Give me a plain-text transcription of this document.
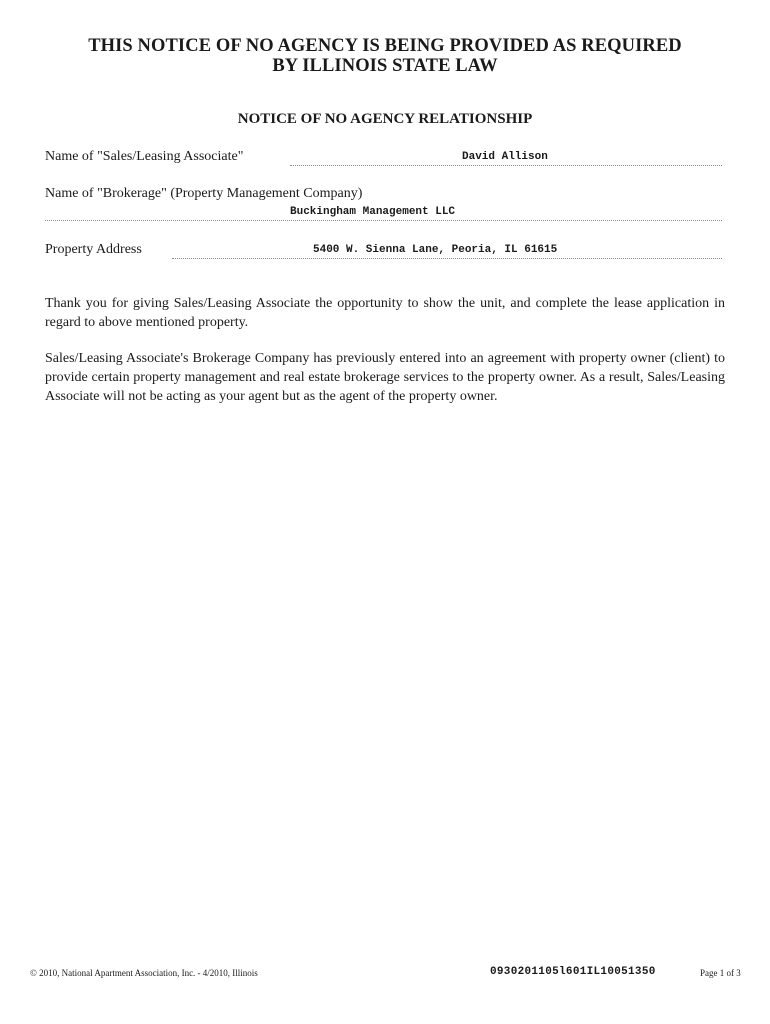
THIS NOTICE OF NO AGENCY IS BEING PROVIDED AS REQUIRED
BY ILLINOIS STATE LAW
NOTICE OF NO AGENCY RELATIONSHIP
Name of "Sales/Leasing Associate"	David Allison
Name of "Brokerage" (Property Management Company)
Buckingham Management LLC
Property Address	5400 W. Sienna Lane, Peoria, IL 61615
Thank you for giving Sales/Leasing Associate the opportunity to show the unit, and complete the lease application in regard to above mentioned property.
Sales/Leasing Associate's Brokerage Company has previously entered into an agreement with property owner (client) to provide certain property management and real estate brokerage services to the property owner. As a result, Sales/Leasing Associate will not be acting as your agent but as the agent of the property owner.
© 2010, National Apartment Association, Inc. - 4/2010, Illinois	0930201105l601IL10051350	Page 1 of 3
